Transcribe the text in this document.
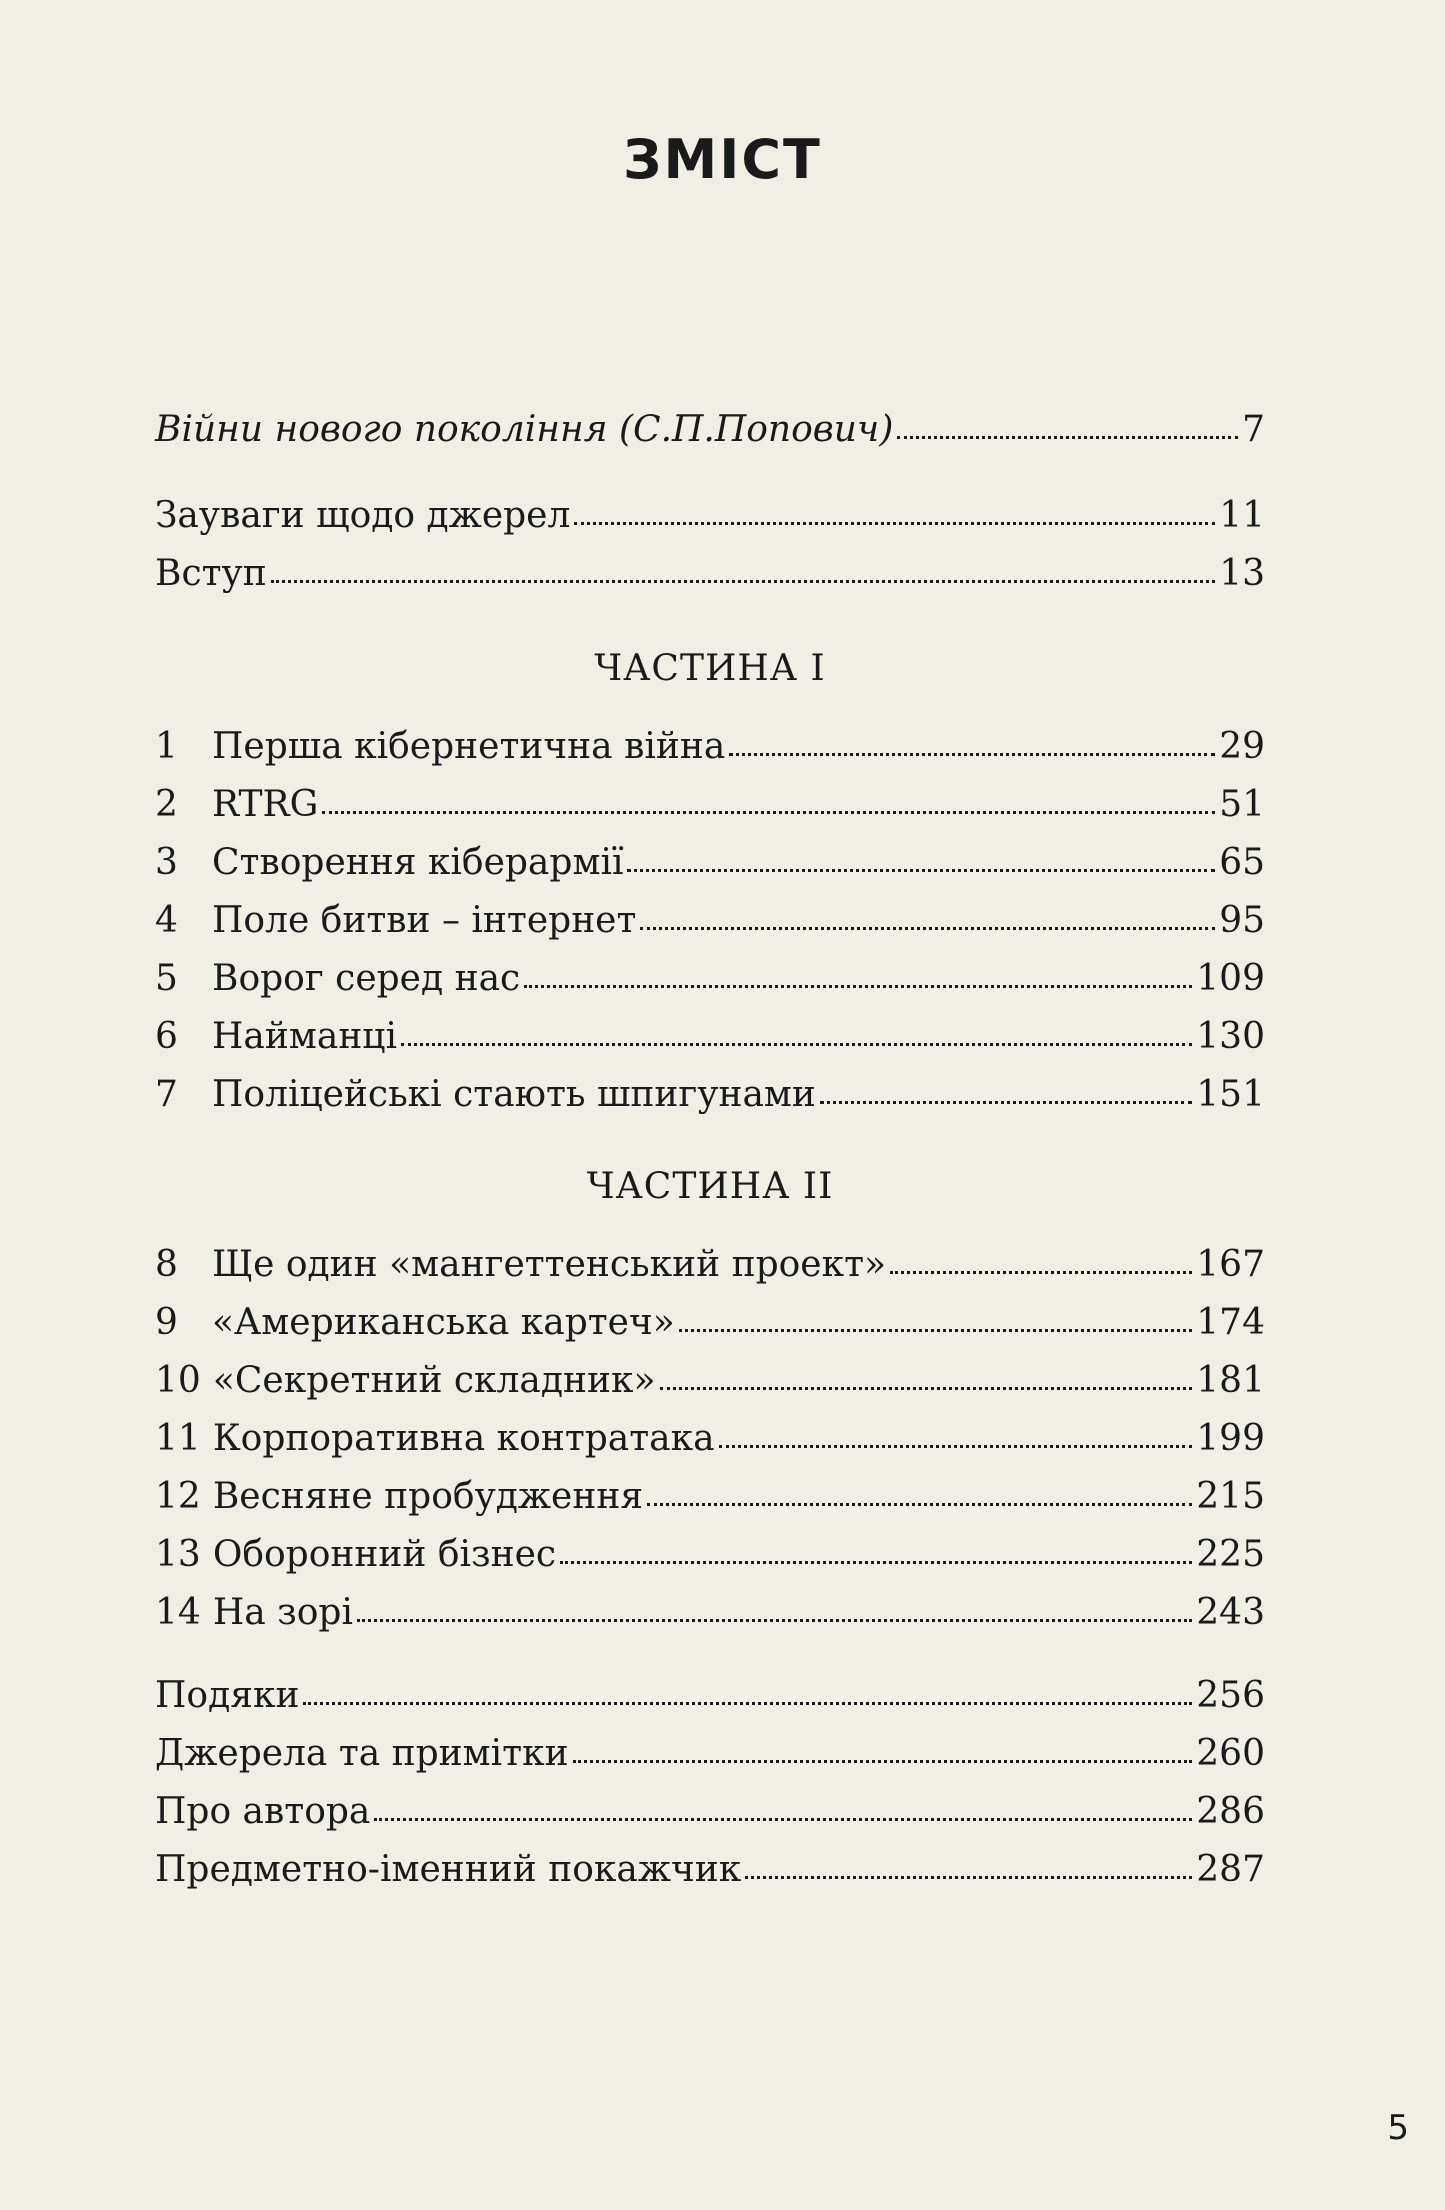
ЗМІСТ
Війни нового покоління (С.П.Попович)	7
Зауваги щодо джерел	11
Вступ	13
1 Перша кібернетична війна	29
2 RTRG	51
3 Створення кіберармії	65
4 Поле битви – інтернет	95
5 Ворог серед нас	109
6 Найманці	130
7 Поліцейські стають шпигунами	151
8 Ще один «мангеттенський проект»	167
9 «Американська картеч»	174
10 «Секретний складник»	181
11 Корпоративна контратака	199
12 Весняне пробудження	215
13 Оборонний бізнес	225
14 На зорі	243
Подяки	256
Джерела та примітки	260
Про автора	286
Предметно-іменний покажчик	287
ЧАСТИНА I
ЧАСТИНА II
5
